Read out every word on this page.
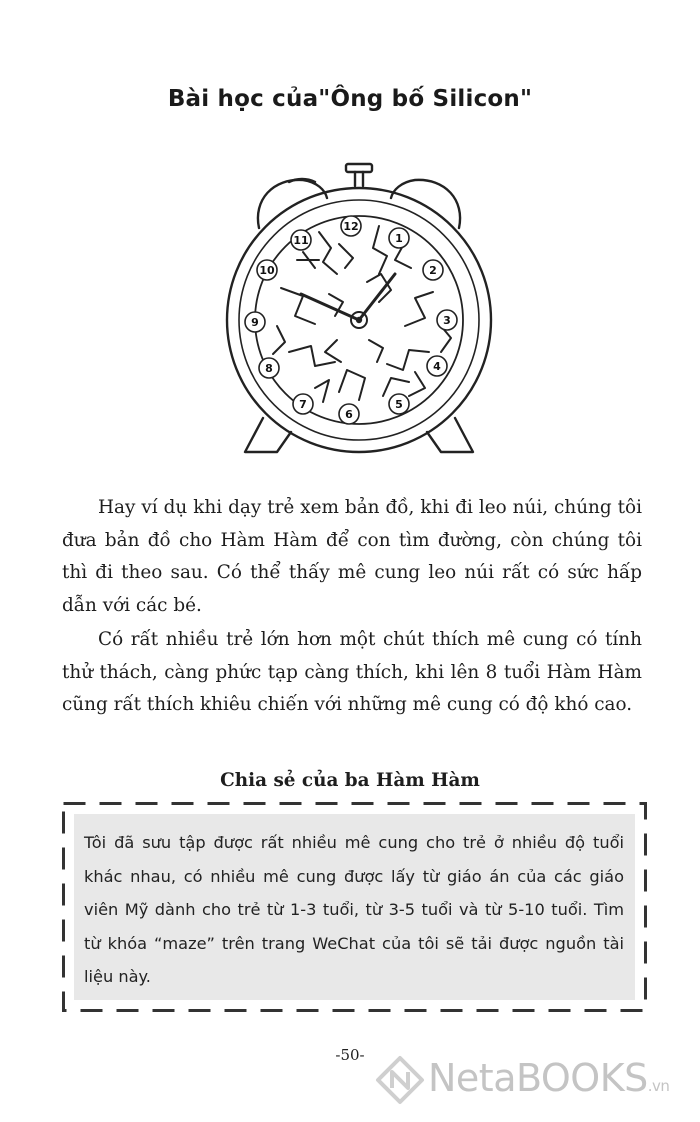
Bài học của"Ông bố Silicon"
12
1
2
3
4
5
6
7
8
9
10
11

Hay ví dụ khi dạy trẻ xem bản đồ, khi đi leo núi, chúng tôi đưa bản đồ cho Hàm Hàm để con tìm đường, còn chúng tôi thì đi theo sau. Có thể thấy mê cung leo núi rất có sức hấp dẫn với các bé.

Có rất nhiều trẻ lớn hơn một chút thích mê cung có tính thử thách, càng phức tạp càng thích, khi lên 8 tuổi Hàm Hàm cũng rất thích khiêu chiến với những mê cung có độ khó cao.

Chia sẻ của ba Hàm Hàm

Tôi đã sưu tập được rất nhiều mê cung cho trẻ ở nhiều độ tuổi khác nhau, có nhiều mê cung được lấy từ giáo án của các giáo viên Mỹ dành cho trẻ từ 1-3 tuổi, từ 3-5 tuổi và từ 5-10 tuổi. Tìm từ khóa “maze” trên trang WeChat của tôi sẽ tải được nguồn tài liệu này.

-50-
NetaBOOKS.vn
